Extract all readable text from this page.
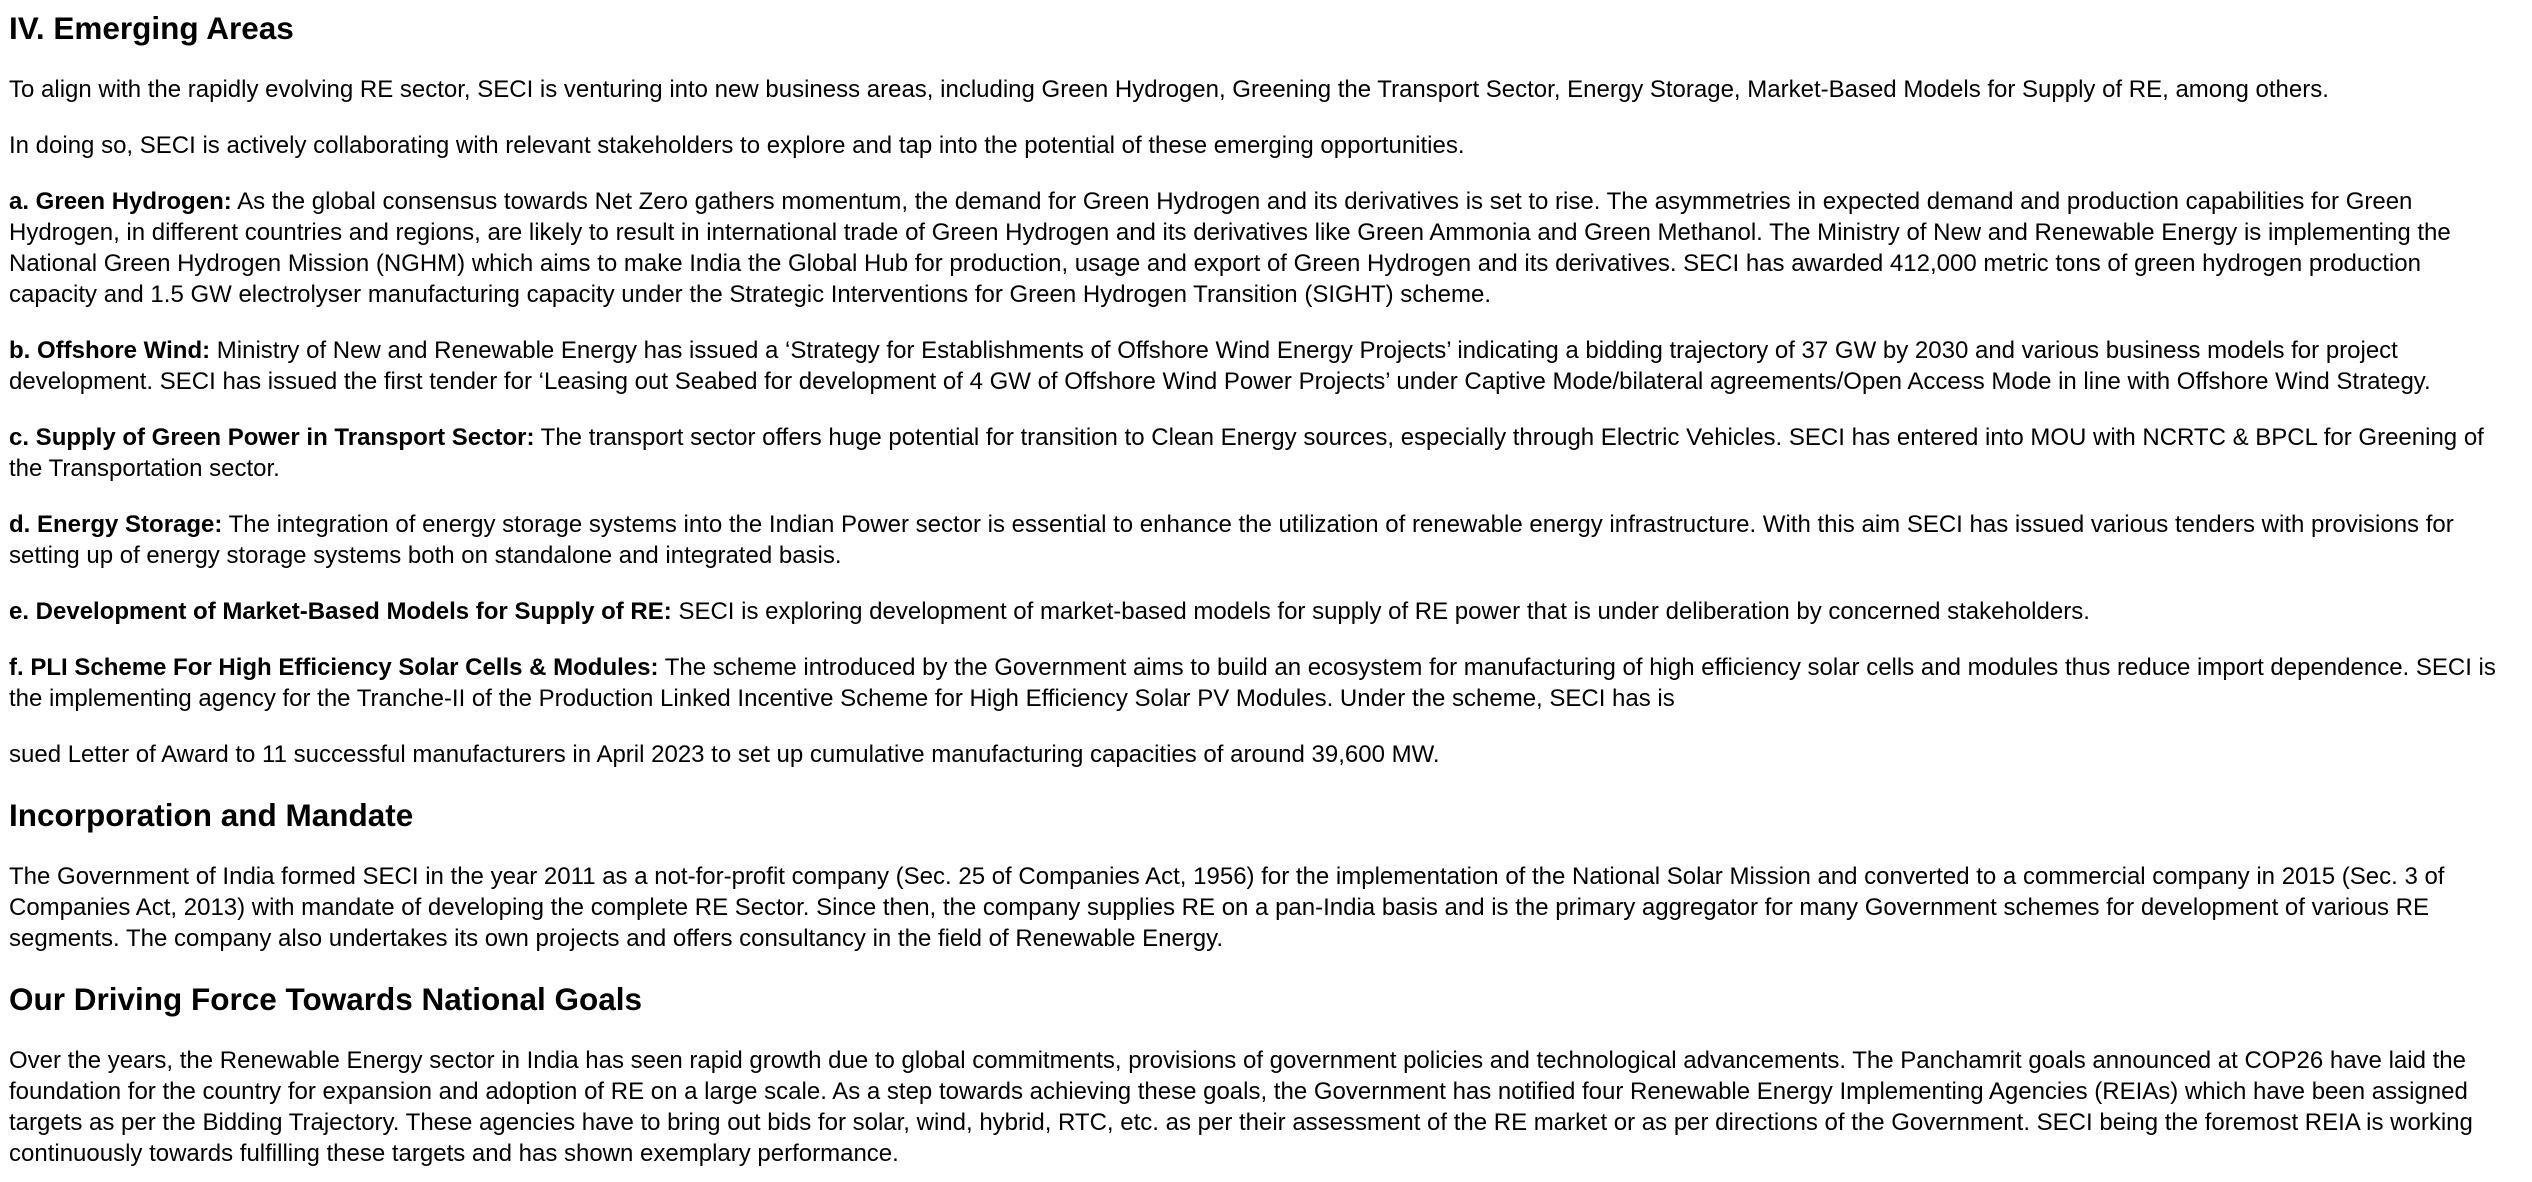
IV. Emerging Areas

To align with the rapidly evolving RE sector, SECI is venturing into new business areas, including Green Hydrogen, Greening the Transport Sector, Energy Storage, Market-Based Models for Supply of RE, among others.

In doing so, SECI is actively collaborating with relevant stakeholders to explore and tap into the potential of these emerging opportunities.

a. Green Hydrogen: As the global consensus towards Net Zero gathers momentum, the demand for Green Hydrogen and its derivatives is set to rise. The asymmetries in expected demand and production capabilities for Green Hydrogen, in different countries and regions, are likely to result in international trade of Green Hydrogen and its derivatives like Green Ammonia and Green Methanol. The Ministry of New and Renewable Energy is implementing the National Green Hydrogen Mission (NGHM) which aims to make India the Global Hub for production, usage and export of Green Hydrogen and its derivatives. SECI has awarded 412,000 metric tons of green hydrogen production capacity and 1.5 GW electrolyser manufacturing capacity under the Strategic Interventions for Green Hydrogen Transition (SIGHT) scheme.

b. Offshore Wind: Ministry of New and Renewable Energy has issued a ‘Strategy for Establishments of Offshore Wind Energy Projects’ indicating a bidding trajectory of 37 GW by 2030 and various business models for project development. SECI has issued the first tender for ‘Leasing out Seabed for development of 4 GW of Offshore Wind Power Projects’ under Captive Mode/bilateral agreements/Open Access Mode in line with Offshore Wind Strategy.

c. Supply of Green Power in Transport Sector: The transport sector offers huge potential for transition to Clean Energy sources, especially through Electric Vehicles. SECI has entered into MOU with NCRTC & BPCL for Greening of the Transportation sector.

d. Energy Storage: The integration of energy storage systems into the Indian Power sector is essential to enhance the utilization of renewable energy infrastructure. With this aim SECI has issued various tenders with provisions for setting up of energy storage systems both on standalone and integrated basis.

e. Development of Market-Based Models for Supply of RE: SECI is exploring development of market-based models for supply of RE power that is under deliberation by concerned stakeholders.

f. PLI Scheme For High Efficiency Solar Cells & Modules: The scheme introduced by the Government aims to build an ecosystem for manufacturing of high efficiency solar cells and modules thus reduce import dependence. SECI is the implementing agency for the Tranche-II of the Production Linked Incentive Scheme for High Efficiency Solar PV Modules. Under the scheme, SECI has is

sued Letter of Award to 11 successful manufacturers in April 2023 to set up cumulative manufacturing capacities of around 39,600 MW.

Incorporation and Mandate

The Government of India formed SECI in the year 2011 as a not-for-profit company (Sec. 25 of Companies Act, 1956) for the implementation of the National Solar Mission and converted to a commercial company in 2015 (Sec. 3 of Companies Act, 2013) with mandate of developing the complete RE Sector. Since then, the company supplies RE on a pan-India basis and is the primary aggregator for many Government schemes for development of various RE segments. The company also undertakes its own projects and offers consultancy in the field of Renewable Energy.

Our Driving Force Towards National Goals

Over the years, the Renewable Energy sector in India has seen rapid growth due to global commitments, provisions of government policies and technological advancements. The Panchamrit goals announced at COP26 have laid the foundation for the country for expansion and adoption of RE on a large scale. As a step towards achieving these goals, the Government has notified four Renewable Energy Implementing Agencies (REIAs) which have been assigned targets as per the Bidding Trajectory. These agencies have to bring out bids for solar, wind, hybrid, RTC, etc. as per their assessment of the RE market or as per directions of the Government. SECI being the foremost REIA is working continuously towards fulfilling these targets and has shown exemplary performance.
